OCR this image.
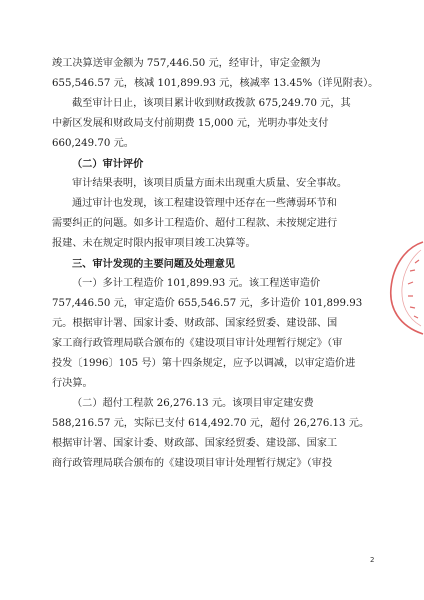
竣工决算送审金额为 757,446.50 元，经审计，审定金额为

655,546.57 元，核减 101,899.93 元，核减率 13.45%（详见附表）。

截至审计日止，该项目累计收到财政拨款 675,249.70 元，其

中新区发展和财政局支付前期费 15,000 元，光明办事处支付

660,249.70 元。

（二）审计评价

审计结果表明，该项目质量方面未出现重大质量、安全事故。

通过审计也发现，该工程建设管理中还存在一些薄弱环节和

需要纠正的问题。如多计工程造价、超付工程款、未按规定进行

报建、未在规定时限内报审项目竣工决算等。

三、审计发现的主要问题及处理意见

（一）多计工程造价 101,899.93 元。该工程送审造价

757,446.50 元，审定造价 655,546.57 元，多计造价 101,899.93

元。根据审计署、国家计委、财政部、国家经贸委、建设部、国

家工商行政管理局联合颁布的《建设项目审计处理暂行规定》（审

投发〔1996〕105 号）第十四条规定，应予以调减，以审定造价进

行决算。

（二）超付工程款 26,276.13 元。该项目审定建安费

588,216.57 元，实际已支付 614,492.70 元，超付 26,276.13 元。

根据审计署、国家计委、财政部、国家经贸委、建设部、国家工

商行政管理局联合颁布的《建设项目审计处理暂行规定》（审投

2
